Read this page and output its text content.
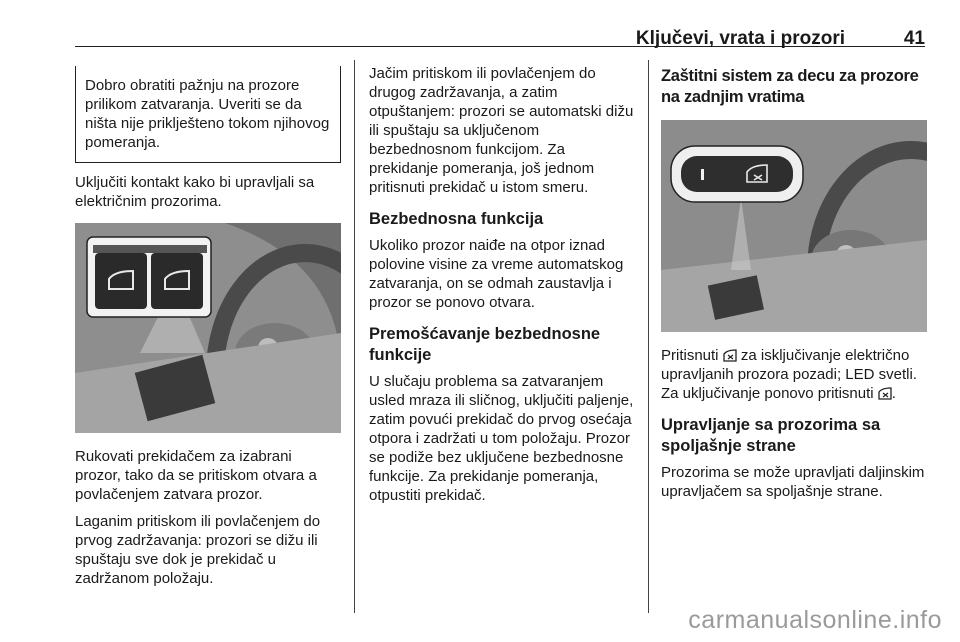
Ključevi, vrata i prozori	41
Dobro obratiti pažnju na prozore prilikom zatvaranja. Uveriti se da ništa nije priklješteno tokom njihovog pomeranja.

Uključiti kontakt kako bi upravljali sa električnim prozorima.

Rukovati prekidačem za izabrani prozor, tako da se pritiskom otvara a povlačenjem zatvara prozor.

Laganim pritiskom ili povlačenjem do prvog zadržavanja: prozori se dižu ili spuštaju sve dok je prekidač u zadržanom položaju.

Jačim pritiskom ili povlačenjem do drugog zadržavanja, a zatim otpuštanjem: prozori se automatski dižu ili spuštaju sa uključenom bezbednosnom funkcijom. Za prekidanje pomeranja, još jednom pritisnuti prekidač u istom smeru.

Bezbednosna funkcija

Ukoliko prozor naiđe na otpor iznad polovine visine za vreme automatskog zatvaranja, on se odmah zaustavlja i prozor se ponovo otvara.

Premošćavanje bezbednosne funkcije

U slučaju problema sa zatvaranjem usled mraza ili sličnog, uključiti paljenje, zatim povući prekidač do prvog osećaja otpora i zadržati u tom položaju. Prozor se podiže bez uključene bezbednosne funkcije. Za prekidanje pomeranja, otpustiti prekidač.

Zaštitni sistem za decu za prozore na zadnjim vratima

Pritisnuti za isključivanje električno upravljanih prozora pozadi; LED svetli. Za uključivanje ponovo pritisnuti .

Upravljanje sa prozorima sa spoljašnje strane

Prozorima se može upravljati daljinskim upravljačem sa spoljašnje strane.

carmanualsonline.info
